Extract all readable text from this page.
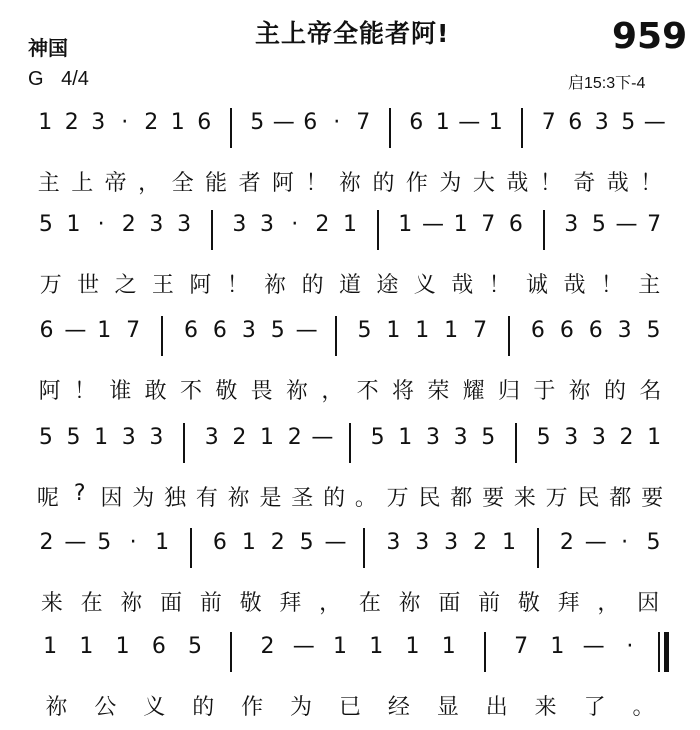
神国	主上帝全能者阿!	959
G 4/4	启15:3下-4
1 2 3 · 2 1 6 5 — 6 · 7 6 1 — 1 7 6 3 5 —
主 上 帝 ， 全 能 者 阿 ！ 祢 的 作 为 大 哉 ！ 奇 哉 ！
5 1 · 2 3 3 3 3 · 2 1 1 — 1 7 6 3 5 — 7
万 世 之 王 阿 ！ 祢 的 道 途 义 哉 ！ 诚 哉 ！ 主
6 — 1 7 6 6 3 5 — 5 1 1 1 7 6 6 6 3 5
阿 ！ 谁 敢 不 敬 畏 祢 ， 不 将 荣 耀 归 于 祢 的 名
5 5 1 3 3 3 2 1 2 — 5 1 3 3 5 5 3 3 2 1
呢 ? 因 为 独 有 祢 是 圣 的 。 万 民 都 要 来 万 民 都 要
2 — 5 · 1 6 1 2 5 — 3 3 3 2 1 2 — · 5
来 在 祢 面 前 敬 拜 ， 在 祢 面 前 敬 拜 ， 因
1 1 1 6 5	2 — 1 1 1 1	7 1 — ·
祢 公 义 的 作 为 已 经 显 出 来 了 。
